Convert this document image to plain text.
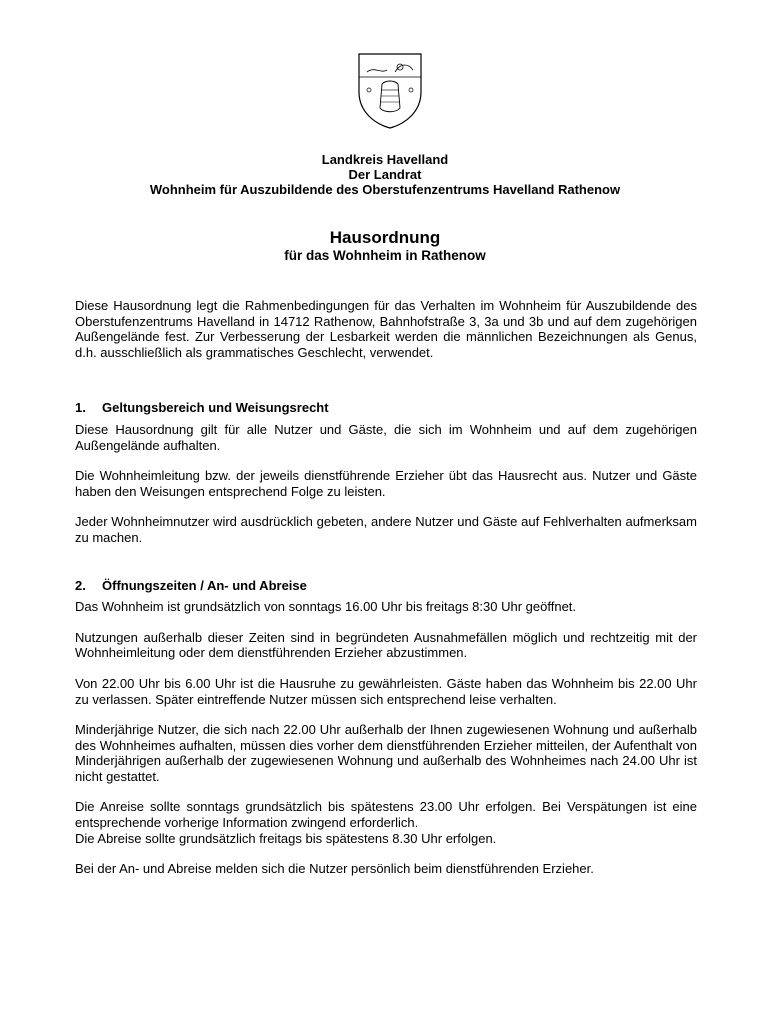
Landkreis Havelland
Der Landrat
Wohnheim für Auszubildende des Oberstufenzentrums Havelland Rathenow
Hausordnung
für das Wohnheim in Rathenow

Diese Hausordnung legt die Rahmenbedingungen für das Verhalten im Wohnheim für Auszubildende des Oberstufenzentrums Havelland in 14712 Rathenow, Bahnhofstraße 3, 3a und 3b und auf dem zugehörigen Außengelände fest. Zur Verbesserung der Lesbarkeit werden die männlichen Bezeichnungen als Genus, d.h. ausschließlich als grammatisches Geschlecht, verwendet.

1. Geltungsbereich und Weisungsrecht

Diese Hausordnung gilt für alle Nutzer und Gäste, die sich im Wohnheim und auf dem zugehörigen Außengelände aufhalten.

Die Wohnheimleitung bzw. der jeweils dienstführende Erzieher übt das Hausrecht aus. Nutzer und Gäste haben den Weisungen entsprechend Folge zu leisten.

Jeder Wohnheimnutzer wird ausdrücklich gebeten, andere Nutzer und Gäste auf Fehlverhalten aufmerksam zu machen.

2. Öffnungszeiten / An- und Abreise

Das Wohnheim ist grundsätzlich von sonntags 16.00 Uhr bis freitags 8:30 Uhr geöffnet.

Nutzungen außerhalb dieser Zeiten sind in begründeten Ausnahmefällen möglich und rechtzeitig mit der Wohnheimleitung oder dem dienstführenden Erzieher abzustimmen.

Von 22.00 Uhr bis 6.00 Uhr ist die Hausruhe zu gewährleisten. Gäste haben das Wohnheim bis 22.00 Uhr zu verlassen. Später eintreffende Nutzer müssen sich entsprechend leise verhalten.

Minderjährige Nutzer, die sich nach 22.00 Uhr außerhalb der Ihnen zugewiesenen Wohnung und außerhalb des Wohnheimes aufhalten, müssen dies vorher dem dienstführenden Erzieher mitteilen, der Aufenthalt von Minderjährigen außerhalb der zugewiesenen Wohnung und außerhalb des Wohnheimes nach 24.00 Uhr ist nicht gestattet.

Die Anreise sollte sonntags grundsätzlich bis spätestens 23.00 Uhr erfolgen. Bei Verspätungen ist eine entsprechende vorherige Information zwingend erforderlich.

Die Abreise sollte grundsätzlich freitags bis spätestens 8.30 Uhr erfolgen.

Bei der An- und Abreise melden sich die Nutzer persönlich beim dienstführenden Erzieher.
